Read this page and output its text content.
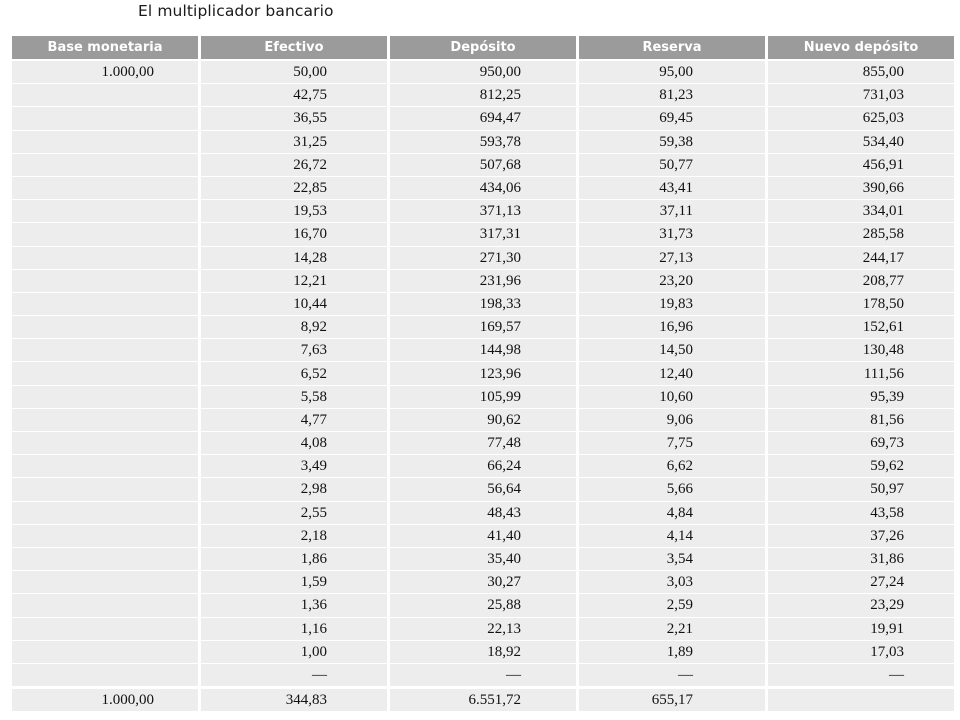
El multiplicador bancario
Base monetaria	Efectivo	Depósito	Reserva	Nuevo depósito
1.000,00	50,00	950,00	95,00	855,00
	42,75	812,25	81,23	731,03
	36,55	694,47	69,45	625,03
	31,25	593,78	59,38	534,40
	26,72	507,68	50,77	456,91
	22,85	434,06	43,41	390,66
	19,53	371,13	37,11	334,01
	16,70	317,31	31,73	285,58
	14,28	271,30	27,13	244,17
	12,21	231,96	23,20	208,77
	10,44	198,33	19,83	178,50
	8,92	169,57	16,96	152,61
	7,63	144,98	14,50	130,48
	6,52	123,96	12,40	111,56
	5,58	105,99	10,60	95,39
	4,77	90,62	9,06	81,56
	4,08	77,48	7,75	69,73
	3,49	66,24	6,62	59,62
	2,98	56,64	5,66	50,97
	2,55	48,43	4,84	43,58
	2,18	41,40	4,14	37,26
	1,86	35,40	3,54	31,86
	1,59	30,27	3,03	27,24
	1,36	25,88	2,59	23,29
	1,16	22,13	2,21	19,91
	1,00	18,92	1,89	17,03
	—	—	—	—
1.000,00	344,83	6.551,72	655,17	
